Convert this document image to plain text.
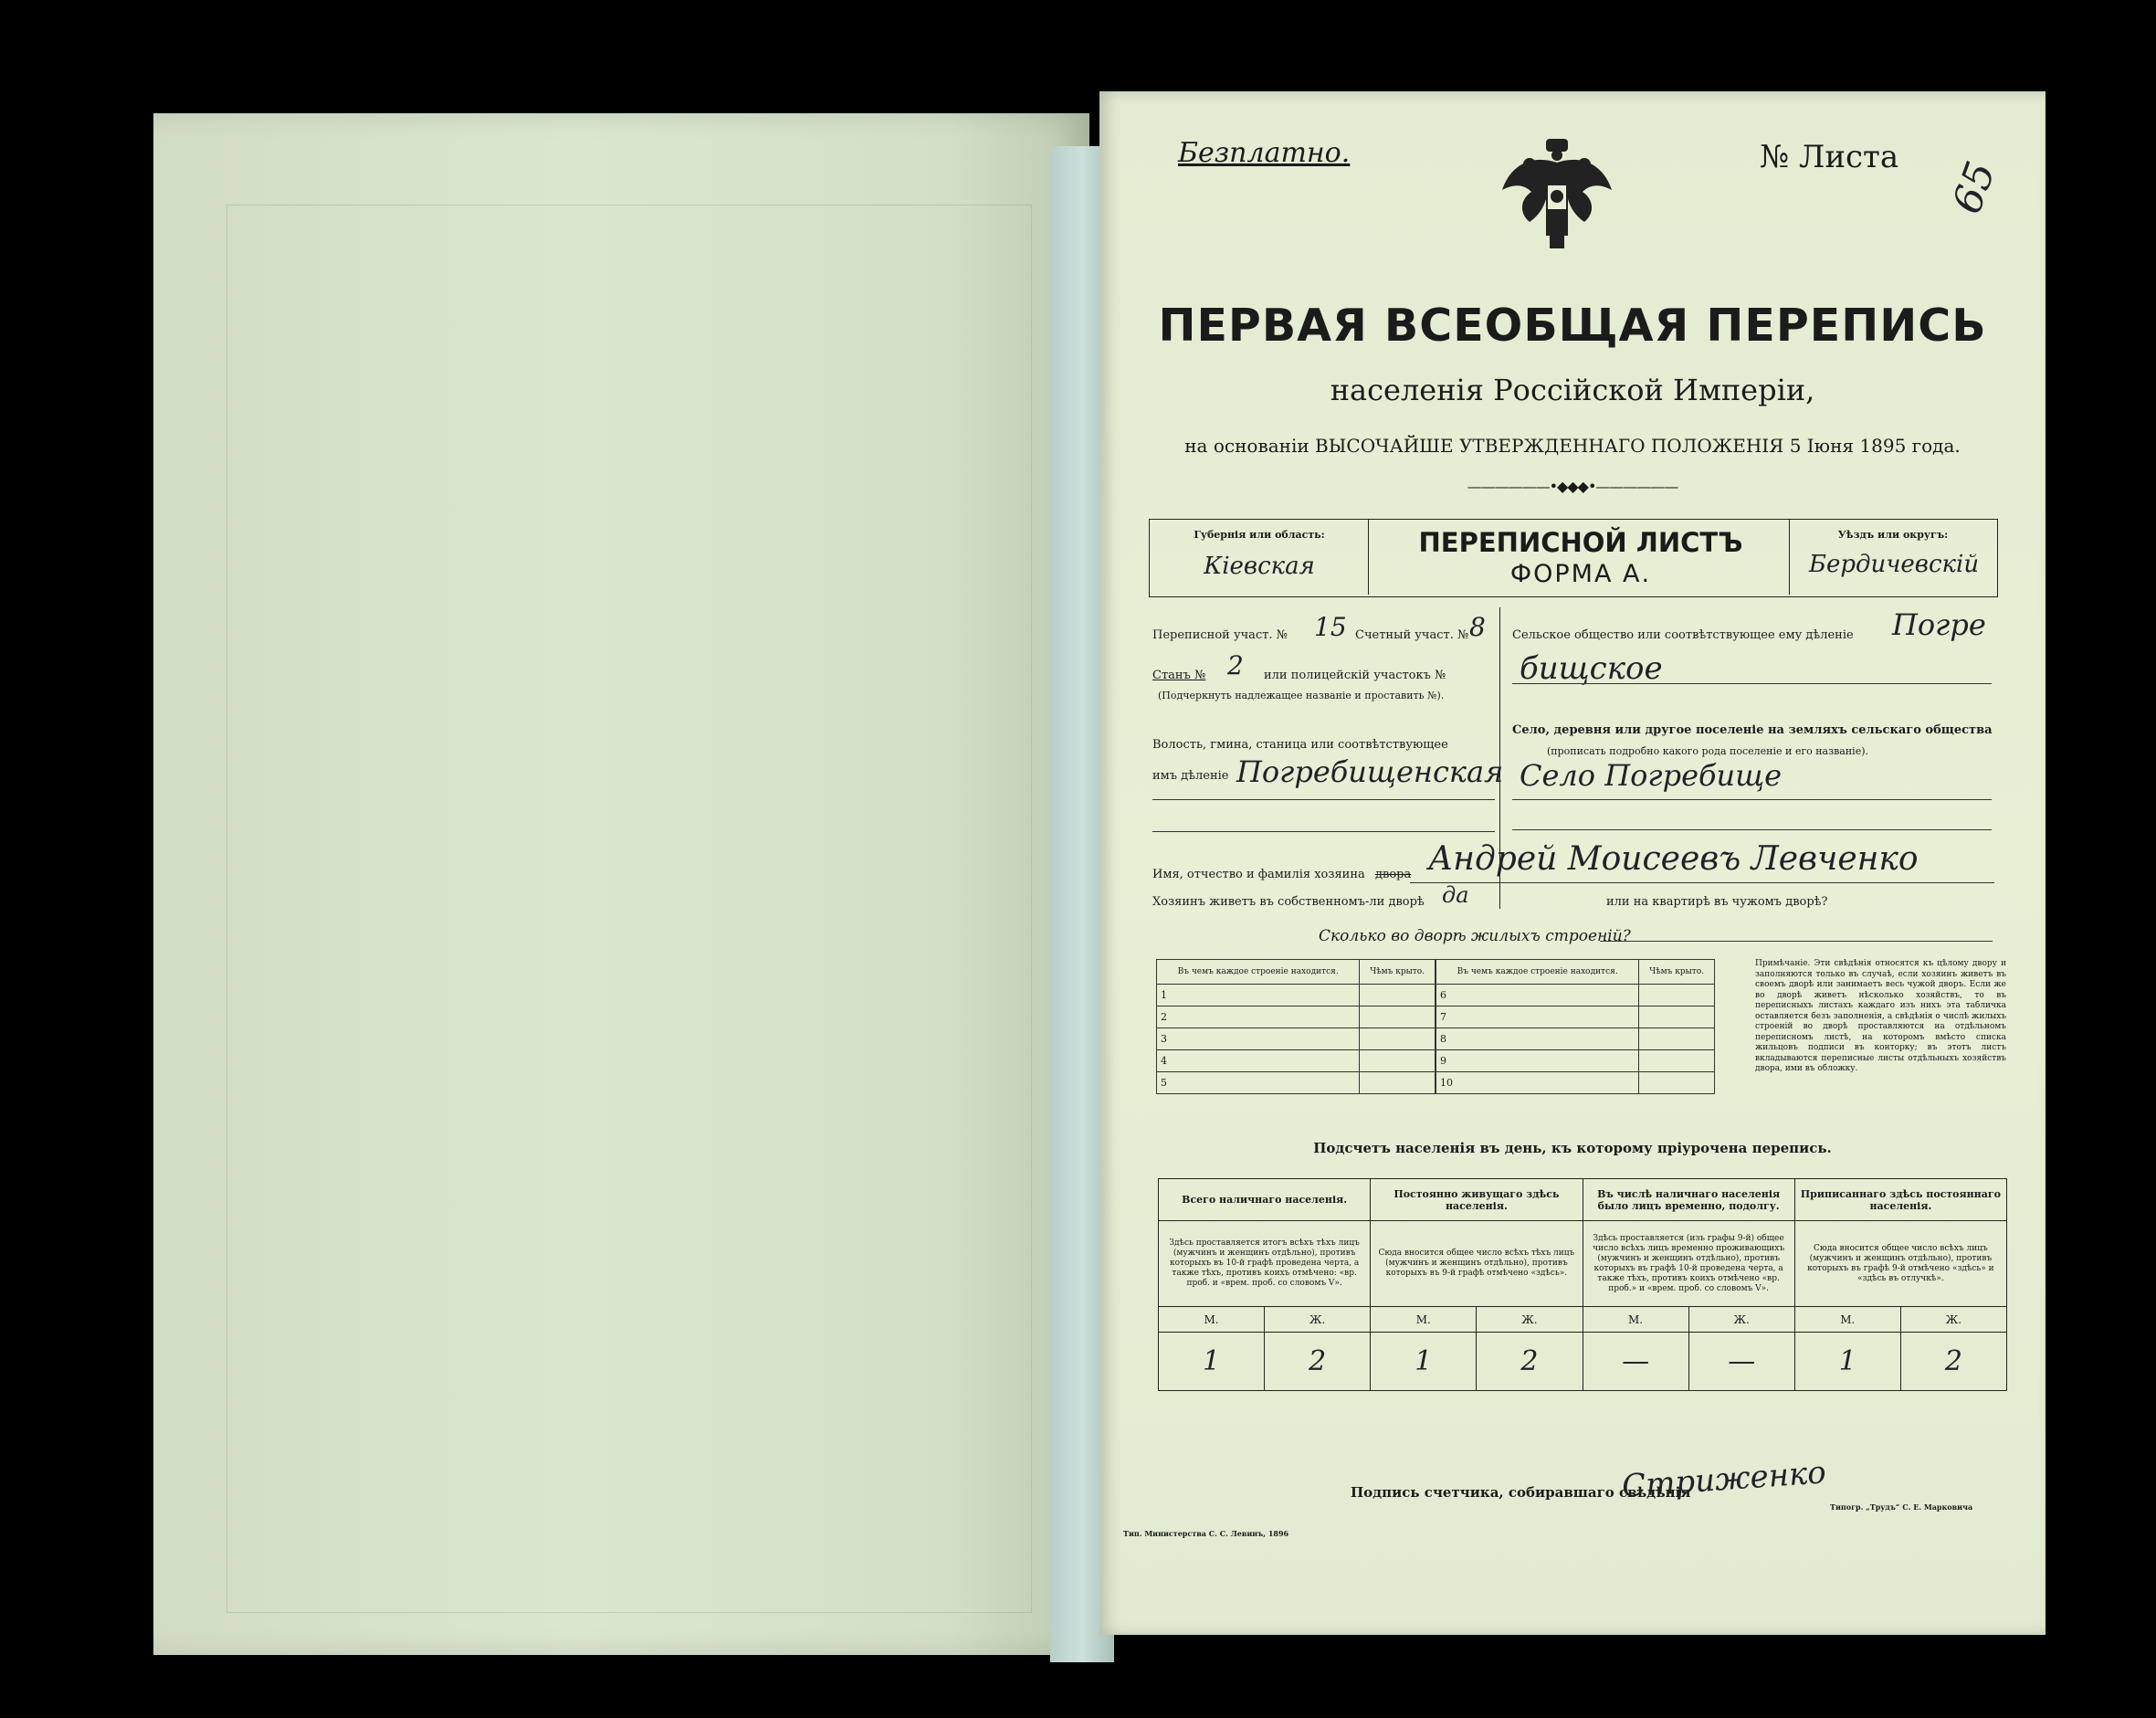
Безплатно.	№ Листа 65
ПЕРВАЯ ВСЕОБЩАЯ ПЕРЕПИСЬ
населенія Россійской Имперіи,
на основаніи ВЫСОЧАЙШЕ УТВЕРЖДЕННАГО ПОЛОЖЕНІЯ 5 Іюня 1895 года.
——————•◆◆◆•——————
Губернія или область:
Кіевская
ПЕРЕПИСНОЙ ЛИСТЪ
ФОРМА А.
Уѣздъ или округъ:
Бердичевскій
Переписной участ. № 15 Счетный участ. № 8
Станъ № 2 или полицейскій участокъ №
(Подчеркнуть надлежащее названіе и проставить №).
Волость, гмина, станица или соотвѣтствующее
имъ дѣленіе Погребищенская
Сельское общество или соотвѣтствующее ему дѣленіе Погре
бищское
Село, деревня или другое поселеніе на земляхъ сельскаго общества
(прописать подробно какого рода поселеніе и его названіе).
Село Погребище
Имя, отчество и фамилія хозяина двора Андрей Моисеевъ Левченко
Хозяинъ живетъ въ собственномъ-ли дворѣ да	или на квартирѣ въ чужомъ дворѣ?
Сколько во дворѣ жилыхъ строеній?
Въ чемъ каждое строеніе находится.	Чѣмъ крыто.
1	
2	
3	
4	
5	
Въ чемъ каждое строеніе находится.	Чѣмъ крыто.
6	
7	
8	
9	
10	
Примѣчаніе. Эти свѣдѣнія относятся къ цѣлому двору и заполняются только въ случаѣ, если хозяинъ живетъ въ своемъ дворѣ или занимаетъ весь чужой дворъ. Если же во дворѣ живетъ нѣсколько хозяйствъ, то въ переписныхъ листахъ каждаго изъ нихъ эта табличка оставляется безъ заполненія, а свѣдѣнія о числѣ жилыхъ строеній во дворѣ проставляются на отдѣльномъ переписномъ листѣ, на которомъ вмѣсто списка жильцовъ подписи въ конторку; въ этотъ листъ вкладываются переписные листы отдѣльныхъ хозяйствъ двора, ими въ обложку.
Подсчетъ населенія въ день, къ которому пріурочена перепись.
Всего наличнаго населенія.		Постоянно живущаго здѣсь населенія.		Въ числѣ наличнаго населенія было лицъ временно, подолгу.		Приписаннаго здѣсь постояннаго населенія.	
Здѣсь проставляется итогъ всѣхъ тѣхъ лицъ (мужчинъ и женщинъ отдѣльно), противъ которыхъ въ 10-й графѣ проведена черта, а также тѣхъ, противъ коихъ отмѣчено: «вр. проб. и «врем. проб. со словомъ V».		Сюда вносится общее число всѣхъ тѣхъ лицъ (мужчинъ и женщинъ отдѣльно), противъ которыхъ въ 9-й графѣ отмѣчено «здѣсь».		Здѣсь проставляется (изъ графы 9-й) общее число всѣхъ лицъ временно проживающихъ (мужчинъ и женщинъ отдѣльно), противъ которыхъ въ графѣ 10-й проведена черта, а также тѣхъ, противъ коихъ отмѣчено «вр. проб.» и «врем. проб. со словомъ V».		Сюда вносится общее число всѣхъ лицъ (мужчинъ и женщинъ отдѣльно), противъ которыхъ въ графѣ 9-й отмѣчено «здѣсь» и «здѣсь въ отлучкѣ».	
М.	Ж.	М.	Ж.	М.	Ж.	М.	Ж.
1	2	1	2	—	—	1	2
Подпись счетчика, собиравшаго свѣдѣнія
Стриженко
Тип. Министерства С. С. Левинъ, 1896
Типогр. „Трудъ“ С. Е. Марковича
